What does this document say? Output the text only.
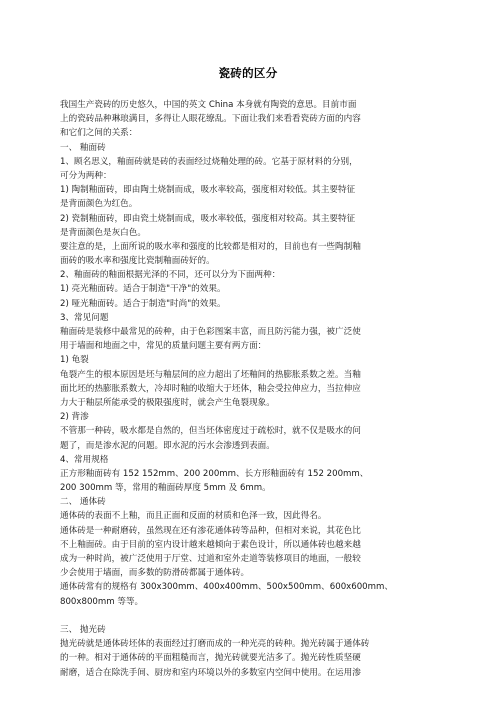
瓷砖的区分
我国生产瓷砖的历史悠久，中国的英文 China 本身就有陶瓷的意思。目前市面
上的瓷砖品种琳琅满目，多得让人眼花缭乱。下面让我们来看看瓷砖方面的内容
和它们之间的关系：
一、 釉面砖
1、顾名思义，釉面砖就是砖的表面经过烧釉处理的砖。它基于原材料的分别，
可分为两种：
1) 陶制釉面砖，即由陶土烧制而成，吸水率较高，强度相对较低。其主要特征
是背面颜色为红色。
2) 瓷制釉面砖，即由瓷土烧制而成，吸水率较低，强度相对较高。其主要特征
是背面颜色是灰白色。
要注意的是，上面所说的吸水率和强度的比较都是相对的，目前也有一些陶制釉
面砖的吸水率和强度比瓷制釉面砖好的。
2、釉面砖的釉面根据光泽的不同，还可以分为下面两种：
1) 亮光釉面砖。适合于制造"干净"的效果。
2) 哑光釉面砖。适合于制造"时尚"的效果。
3、常见问题
釉面砖是装修中最常见的砖种，由于色彩图案丰富，而且防污能力强，被广泛使
用于墙面和地面之中，常见的质量问题主要有两方面：
1) 龟裂
龟裂产生的根本原因是坯与釉层间的应力超出了坯釉间的热膨胀系数之差。当釉
面比坯的热膨胀系数大，冷却时釉的收缩大于坯体，釉会受拉伸应力，当拉伸应
力大于釉层所能承受的极限强度时，就会产生龟裂现象。
2) 背渗
不管那一种砖，吸水都是自然的，但当坯体密度过于疏松时，就不仅是吸水的问
题了，而是渗水泥的问题。即水泥的污水会渗透到表面。
4、常用规格
正方形釉面砖有 152 152mm、200 200mm、长方形釉面砖有 152 200mm、
200 300mm 等，常用的釉面砖厚度 5mm 及 6mm。
二、 通体砖
通体砖的表面不上釉，而且正面和反面的材质和色泽一致，因此得名。
通体砖是一种耐磨砖，虽然现在还有渗花通体砖等品种，但相对来说，其花色比
不上釉面砖。由于目前的室内设计越来越倾向于素色设计，所以通体砖也越来越
成为一种时尚，被广泛使用于厅堂、过道和室外走道等装修项目的地面，一般较
少会使用于墙面，而多数的防滑砖都属于通体砖。
通体砖常有的规格有 300x300mm、400x400mm、500x500mm、600x600mm、
800x800mm 等等。
三、 抛光砖
抛光砖就是通体砖坯体的表面经过打磨而成的一种光亮的砖种。抛光砖属于通体砖
的一种。相对于通体砖的平面粗糙而言，抛光砖就要光洁多了。抛光砖性质坚硬
耐磨，适合在除洗手间、厨房和室内环境以外的多数室内空间中使用。在运用渗
